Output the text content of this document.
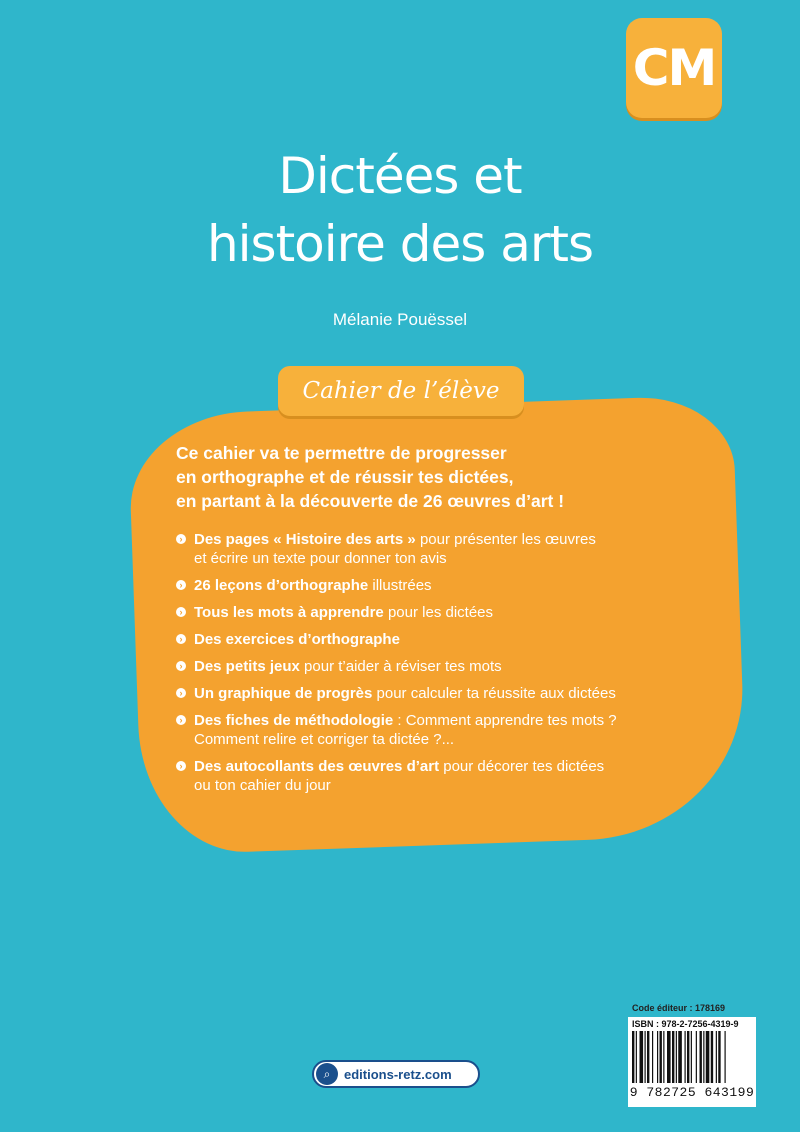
CM
Dictées et
histoire des arts
Mélanie Pouëssel
Cahier de l’élève
Ce cahier va te permettre de progresser
en orthographe et de réussir tes dictées,
en partant à la découverte de 26 œuvres d’art !
› Des pages « Histoire des arts » pour présenter les œuvres
et écrire un texte pour donner ton avis
› 26 leçons d’orthographe illustrées
› Tous les mots à apprendre pour les dictées
› Des exercices d’orthographe
› Des petits jeux pour t’aider à réviser tes mots
› Un graphique de progrès pour calculer ta réussite aux dictées
› Des fiches de méthodologie : Comment apprendre tes mots ?
Comment relire et corriger ta dictée ?...
› Des autocollants des œuvres d’art pour décorer tes dictées
ou ton cahier du jour
Code éditeur : 178169
ISBN : 978-2-7256-4319-9
9 782725 643199
⌕	editions-retz.com
